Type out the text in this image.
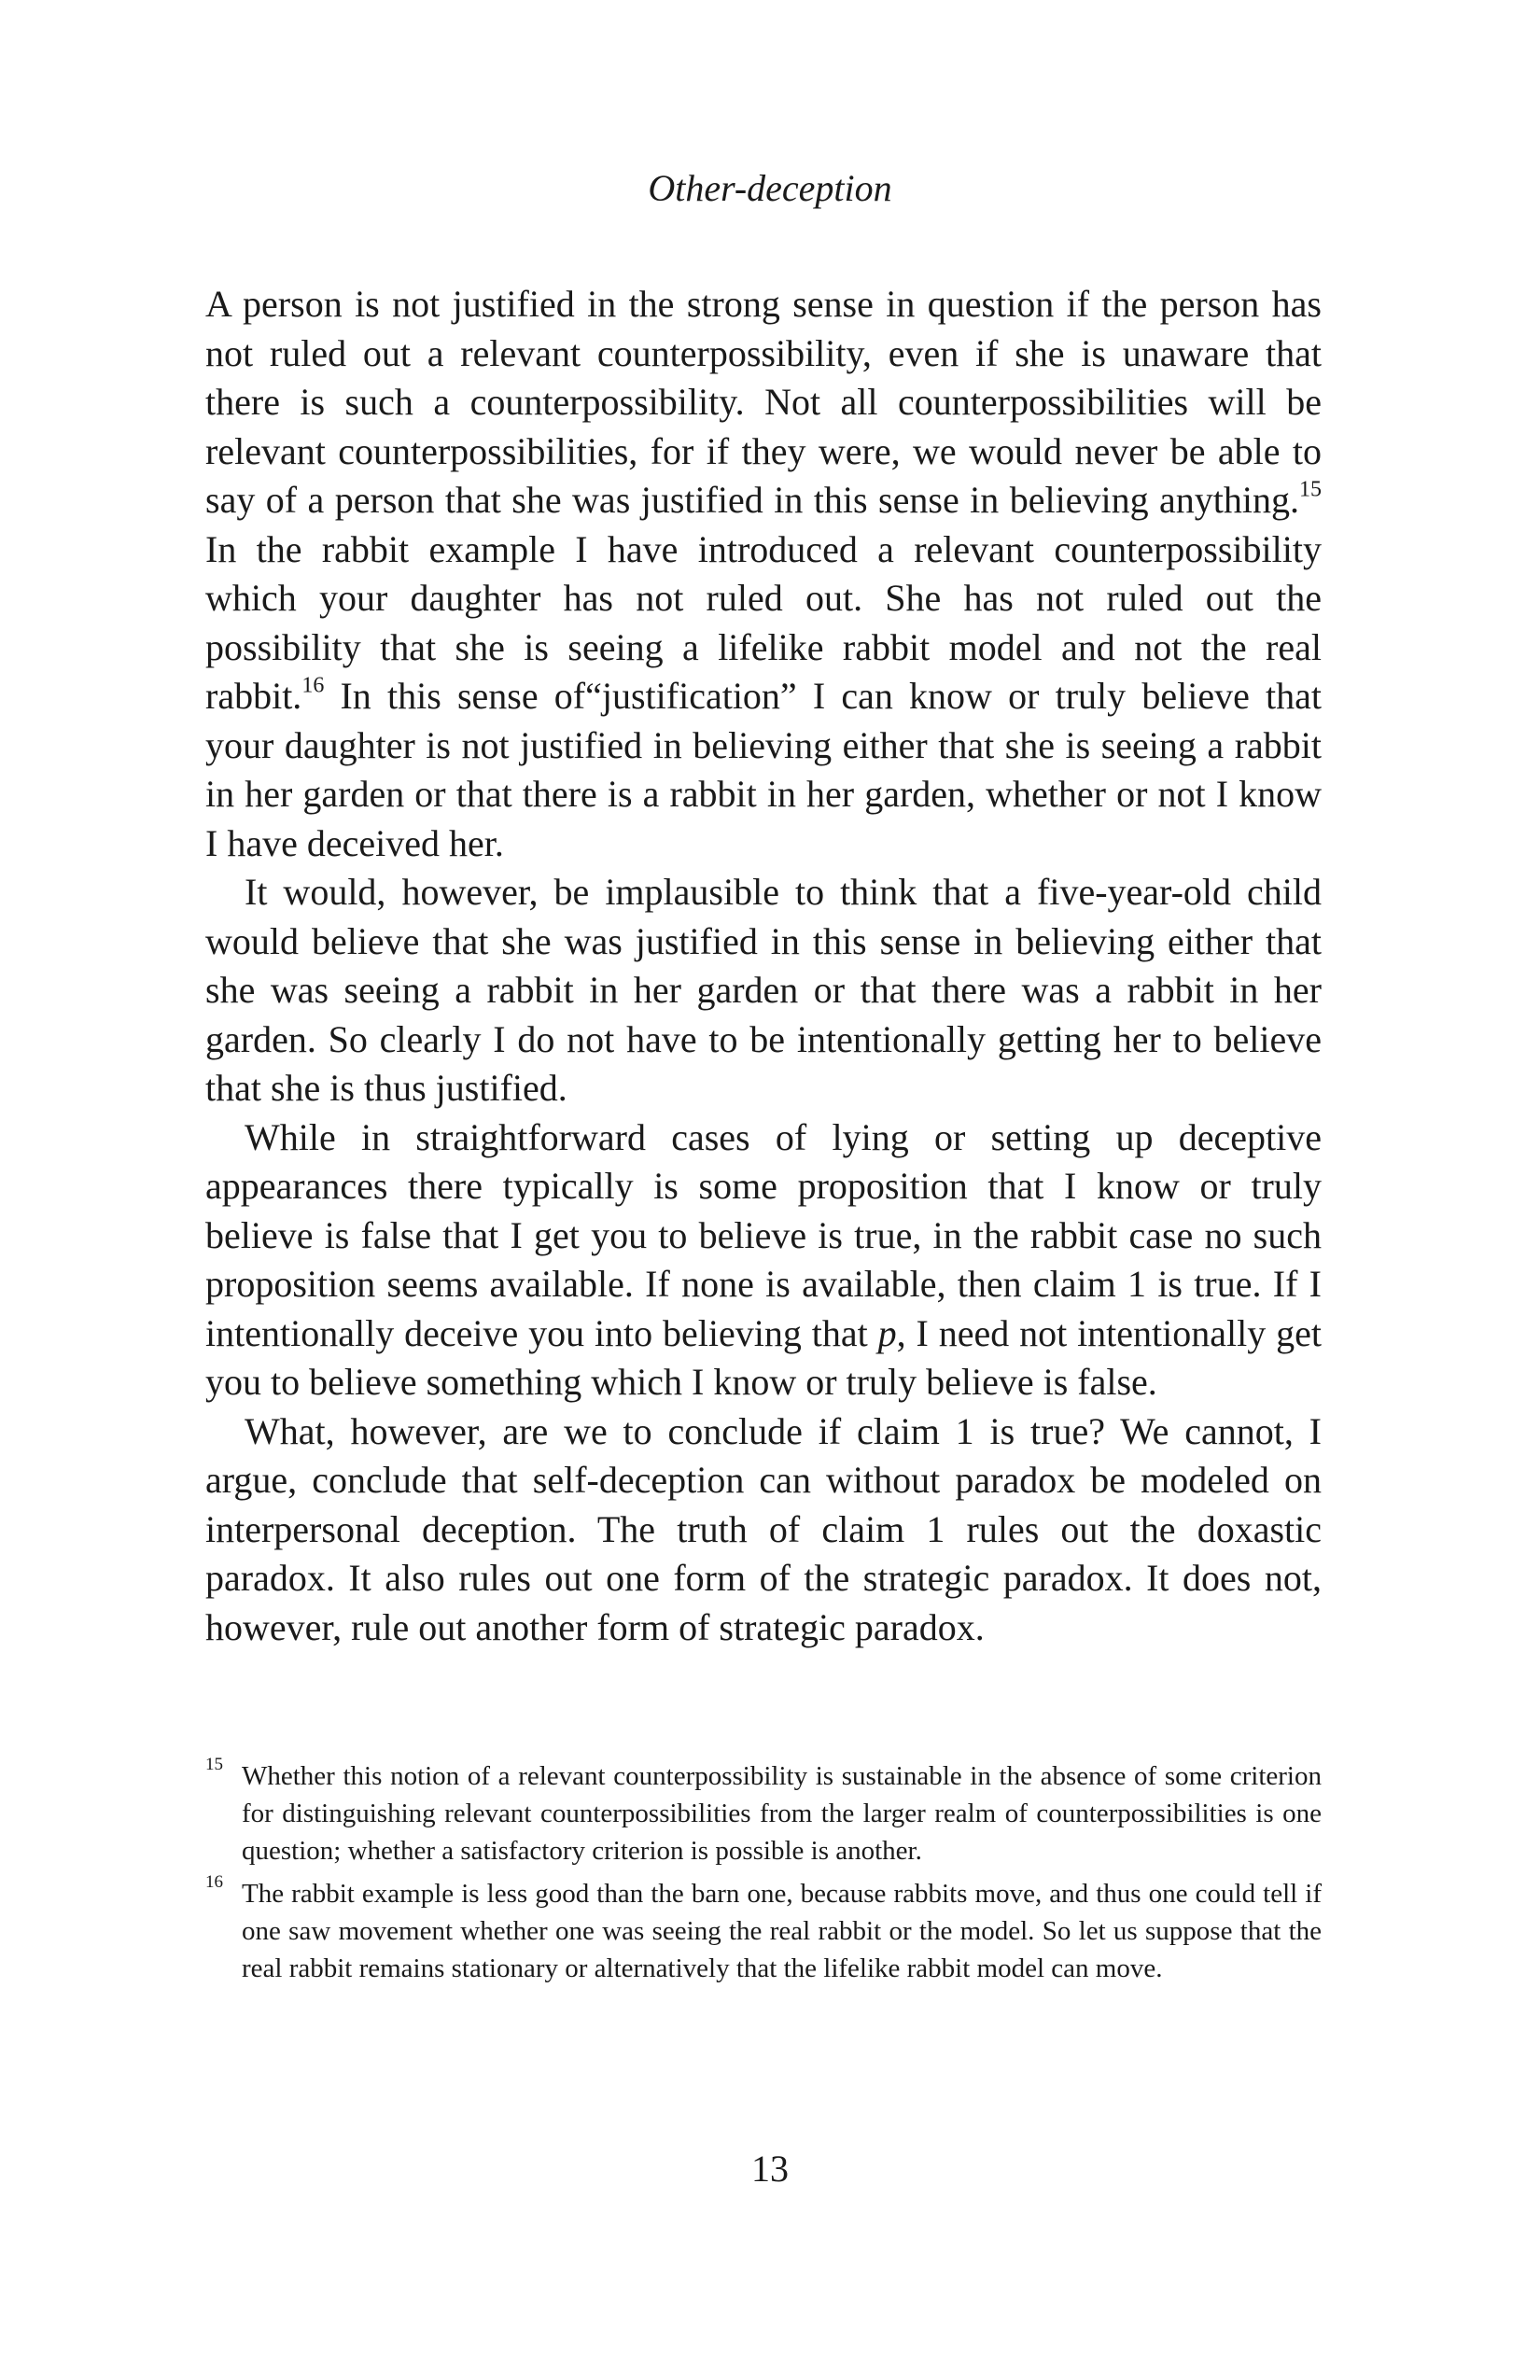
Other-deception

A person is not justified in the strong sense in question if the person has not ruled out a relevant counterpossibility, even if she is unaware that there is such a counterpossibility. Not all counterpossibilities will be relevant counterpossibilities, for if they were, we would never be able to say of a person that she was justified in this sense in believing anything.$^{15}$ In the rabbit example I have introduced a relevant counterpossibility which your daughter has not ruled out. She has not ruled out the possibility that she is seeing a lifelike rabbit model and not the real rabbit.$^{16}$ In this sense of“justification” I can know or truly believe that your daughter is not justified in believing either that she is seeing a rabbit in her garden or that there is a rabbit in her garden, whether or not I know I have deceived her.

It would, however, be implausible to think that a five-year-old child would believe that she was justified in this sense in believing either that she was seeing a rabbit in her garden or that there was a rabbit in her garden. So clearly I do not have to be intentionally getting her to believe that she is thus justified.

While in straightforward cases of lying or setting up deceptive appearances there typically is some proposition that I know or truly believe is false that I get you to believe is true, in the rabbit case no such proposition seems available. If none is available, then claim 1 is true. If I intentionally deceive you into believing that p, I need not intentionally get you to believe something which I know or truly believe is false.

What, however, are we to conclude if claim 1 is true? We cannot, I argue, conclude that self-deception can without paradox be modeled on interpersonal deception. The truth of claim 1 rules out the doxastic paradox. It also rules out one form of the strategic paradox. It does not, however, rule out another form of strategic paradox.

15 Whether this notion of a relevant counterpossibility is sustainable in the absence of some criterion for distinguishing relevant counterpossibilities from the larger realm of counterpossibilities is one question; whether a satisfactory criterion is possible is another.
16 The rabbit example is less good than the barn one, because rabbits move, and thus one could tell if one saw movement whether one was seeing the real rabbit or the model. So let us suppose that the real rabbit remains stationary or alternatively that the lifelike rabbit model can move.
13
